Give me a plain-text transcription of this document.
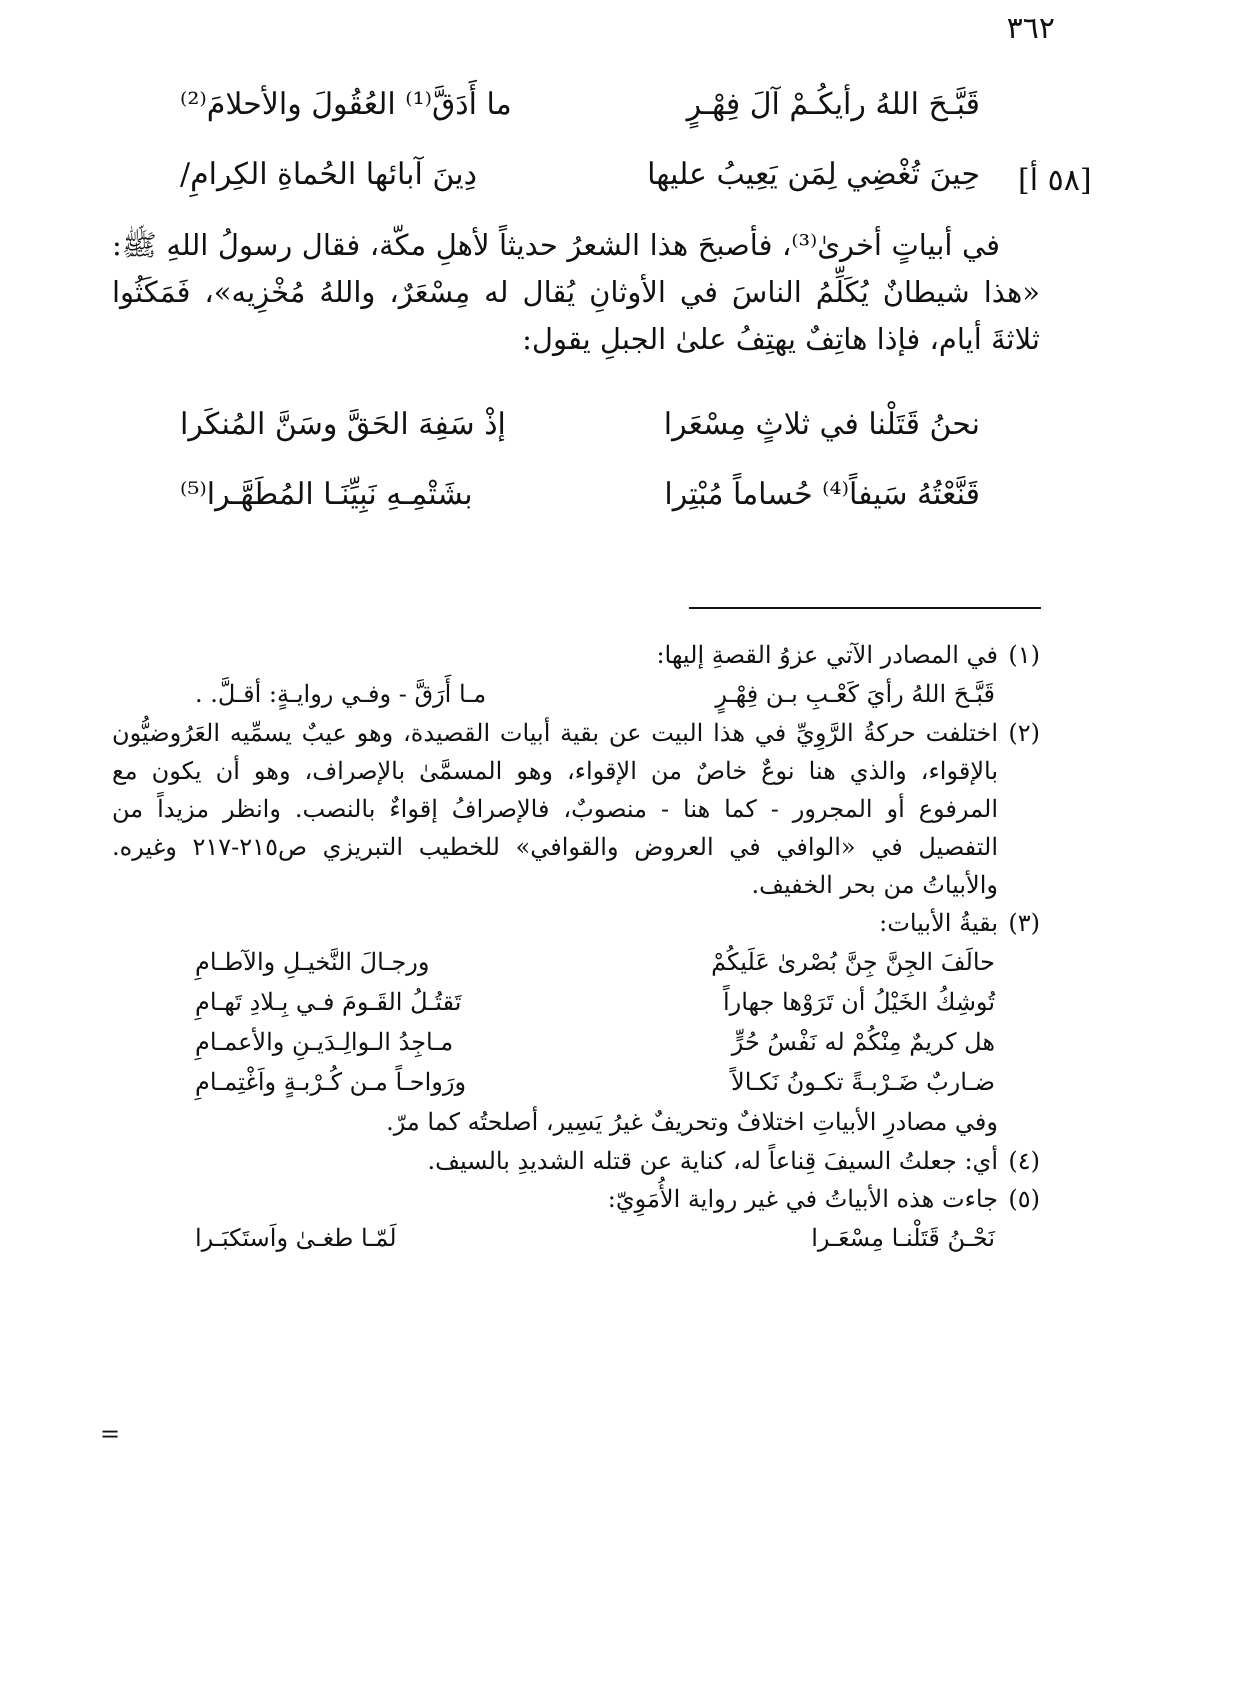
٣٦٢
[٥٨ أ]
قَبَّـحَ اللهُ رأيكُـمْ آلَ فِهْـرٍ
ما أَدَقَّ⁽¹⁾ العُقُولَ والأحلامَ⁽²⁾
حِينَ تُغْضِي لِمَن يَعِيبُ عليها
دِينَ آبائها الحُماةِ الكِرامِ/

في أبياتٍ أخرىٰ⁽³⁾، فأصبحَ هذا الشعرُ حديثاً لأهلِ مكّة، فقال رسولُ اللهِ ﷺ: «هذا شيطانٌ يُكَلِّمُ الناسَ في الأوثانِ يُقال له مِسْعَرٌ، واللهُ مُخْزِيه»، فَمَكَثُوا ثلاثةَ أيام، فإذا هاتِفٌ يهتِفُ علىٰ الجبلِ يقول:

نحنُ قَتَلْنا في ثلاثٍ مِسْعَرا
إذْ سَفِهَ الحَقَّ وسَنَّ المُنكَرا
قَنَّعْتُهُ سَيفاً⁽⁴⁾ حُساماً مُبْتِرا
بشَتْمِـهِ نَبِيِّنَـا المُطَهَّـرا⁽⁵⁾
(١)
في المصادر الآتي عزوُ القصةِ إليها:
قَبَّـحَ اللهُ رأيَ كَعْـبِ بـن فِهْـرٍ
مـا أَرَقَّ - وفـي روايـةٍ: أقـلَّ. .
(٢)
اختلفت حركةُ الرَّوِيِّ في هذا البيت عن بقية أبيات القصيدة، وهو عيبٌ يسمِّيه العَرُوضيُّون بالإقواء، والذي هنا نوعٌ خاصٌ من الإقواء، وهو المسمَّىٰ بالإصراف، وهو أن يكون مع المرفوع أو المجرور - كما هنا - منصوبٌ، فالإصرافُ إقواءٌ بالنصب. وانظر مزيداً من التفصيل في «الوافي في العروض والقوافي» للخطيب التبريزي ص٢١٥-٢١٧ وغيره. والأبياتُ من بحر الخفيف.
(٣)
بقيةُ الأبيات:
حالَفَ الجِنَّ جِنَّ بُصْرىٰ عَلَيكُمْ
ورجـالَ النَّخيـلِ والآطـامِ
تُوشِكُ الخَيْلُ أن تَرَوْها جهاراً
تَقتُـلُ القَـومَ فـي بِـلادِ تَهـامِ
هل كريمٌ مِنْكُمْ له نَفْسُ حُرٍّ
مـاجِدُ الـوالِـدَيـنِ والأعمـامِ
ضـاربٌ ضَـرْبـةً تكـونُ نَكـالاً
ورَواحـاً مـن كُـرْبـةٍ واَغْتِمـامِ
وفي مصادرِ الأبياتِ اختلافٌ وتحريفٌ غيرُ يَسِير، أصلحتُه كما مرّ.
(٤)
أي: جعلتُ السيفَ قِناعاً له، كناية عن قتله الشديدِ بالسيف.
(٥)
جاءت هذه الأبياتُ في غير رواية الأُمَوِيّ:
نَحْـنُ قَتَلْنـا مِسْعَـرا
لَمّـا طغـىٰ واَستَكبَـرا
=
